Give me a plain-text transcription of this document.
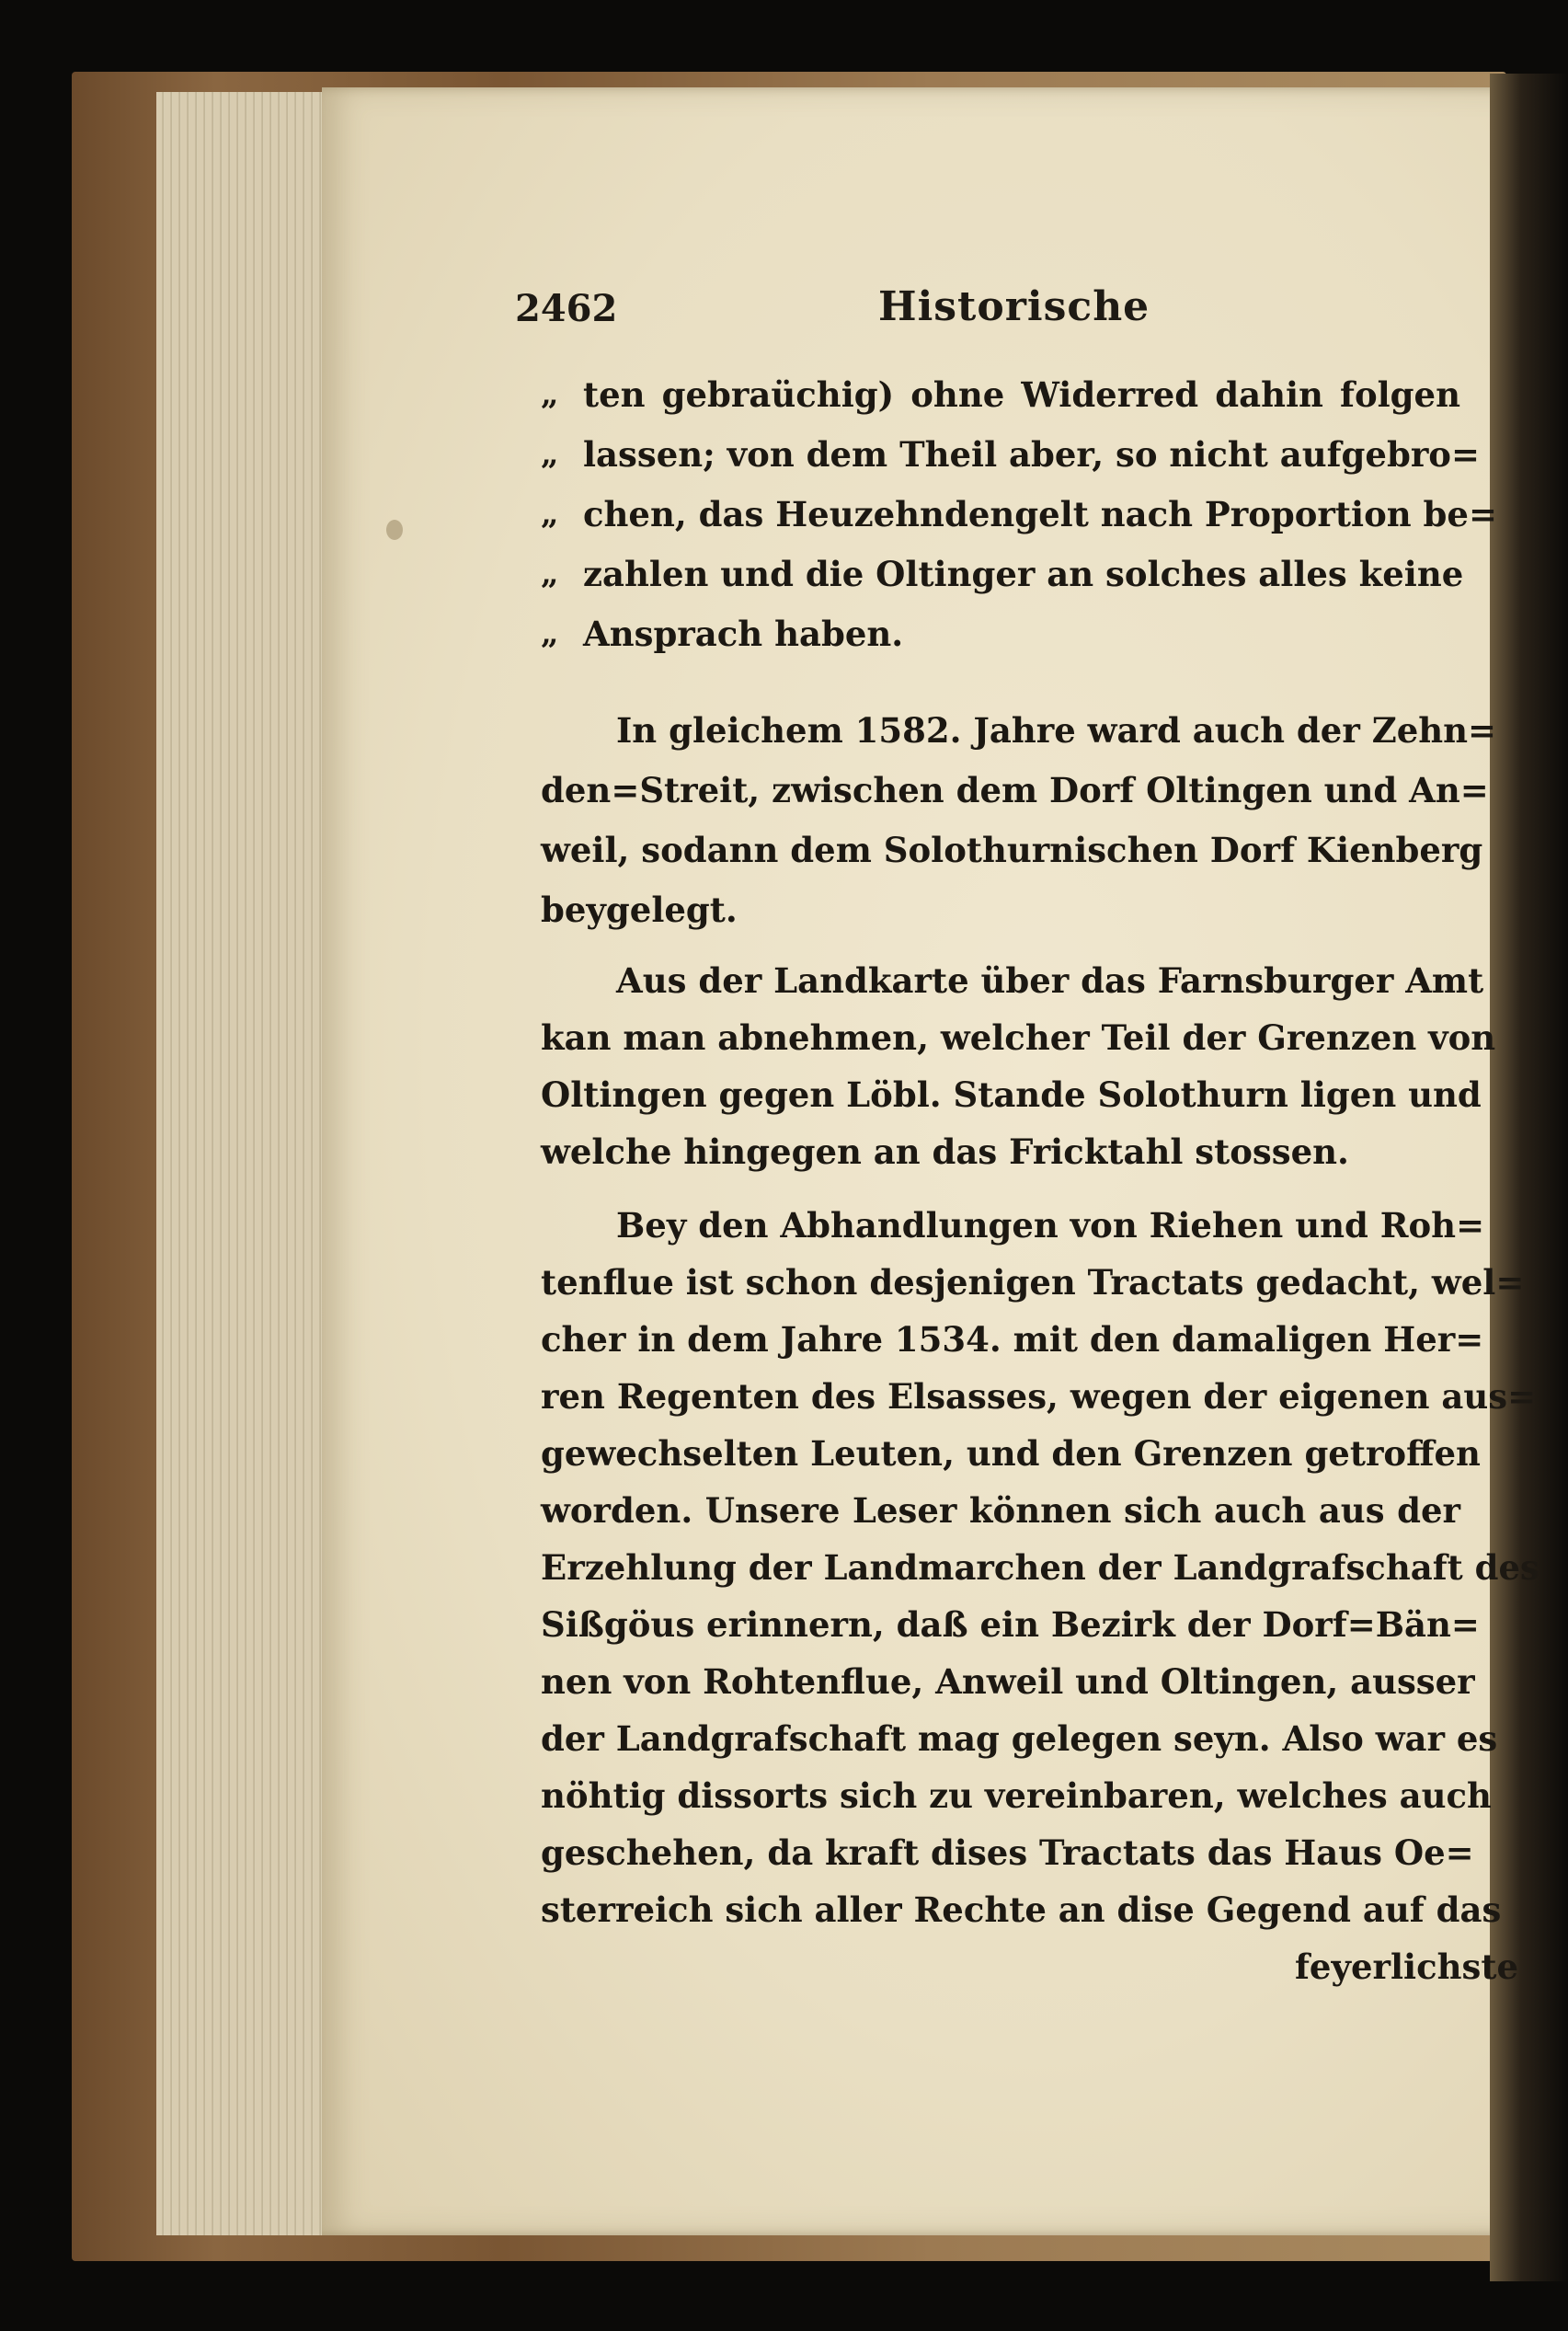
2462	Historische
„ ten gebraüchig) ohne Widerred dahin folgen
„ lassen; von dem Theil aber, so nicht aufgebro=
„ chen, das Heuzehndengelt nach Proportion be=
„ zahlen und die Oltinger an solches alles keine
„ Ansprach haben.
In gleichem 1582. Jahre ward auch der Zehn=
den=Streit, zwischen dem Dorf Oltingen und An=
weil, sodann dem Solothurnischen Dorf Kienberg
beygelegt.
Aus der Landkarte über das Farnsburger Amt
kan man abnehmen, welcher Teil der Grenzen von
Oltingen gegen Löbl. Stande Solothurn ligen und
welche hingegen an das Fricktahl stossen.
Bey den Abhandlungen von Riehen und Roh=
tenflue ist schon desjenigen Tractats gedacht, wel=
cher in dem Jahre 1534. mit den damaligen Her=
ren Regenten des Elsasses, wegen der eigenen aus=
gewechselten Leuten, und den Grenzen getroffen
worden. Unsere Leser können sich auch aus der
Erzehlung der Landmarchen der Landgrafschaft des
Sißgöus erinnern, daß ein Bezirk der Dorf=Bän=
nen von Rohtenflue, Anweil und Oltingen, ausser
der Landgrafschaft mag gelegen seyn. Also war es
nöhtig dissorts sich zu vereinbaren, welches auch
geschehen, da kraft dises Tractats das Haus Oe=
sterreich sich aller Rechte an dise Gegend auf das
feyerlichste
